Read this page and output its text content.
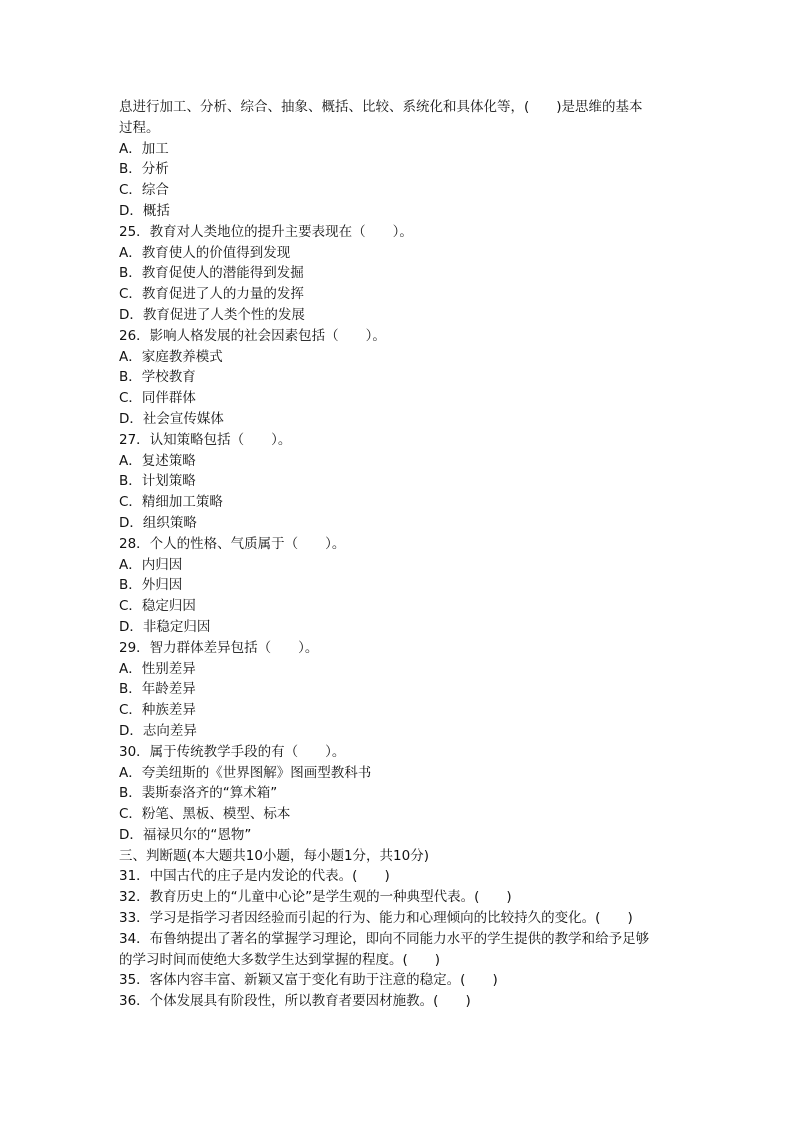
息进行加工、分析、综合、抽象、概括、比较、系统化和具体化等，(　　)是思维的基本
过程。
A．加工
B．分析
C．综合
D．概括
25．教育对人类地位的提升主要表现在（　　）。
A．教育使人的价值得到发现
B．教育促使人的潜能得到发掘
C．教育促进了人的力量的发挥
D．教育促进了人类个性的发展
26．影响人格发展的社会因素包括（　　）。
A．家庭教养模式
B．学校教育
C．同伴群体
D．社会宣传媒体
27．认知策略包括（　　）。
A．复述策略
B．计划策略
C．精细加工策略
D．组织策略
28．个人的性格、气质属于（　　）。
A．内归因
B．外归因
C．稳定归因
D．非稳定归因
29．智力群体差异包括（　　）。
A．性别差异
B．年龄差异
C．种族差异
D．志向差异
30．属于传统教学手段的有（　　）。
A．夸美纽斯的《世界图解》图画型教科书
B．裴斯泰洛齐的“算术箱”
C．粉笔、黑板、模型、标本
D．福禄贝尔的“恩物”
三、判断题(本大题共10小题，每小题1分，共10分)
31．中国古代的庄子是内发论的代表。(　　)
32．教育历史上的“儿童中心论”是学生观的一种典型代表。(　　)
33．学习是指学习者因经验而引起的行为、能力和心理倾向的比较持久的变化。(　　)
34．布鲁纳提出了著名的掌握学习理论，即向不同能力水平的学生提供的教学和给予足够
的学习时间而使绝大多数学生达到掌握的程度。(　　)
35．客体内容丰富、新颖又富于变化有助于注意的稳定。(　　)
36．个体发展具有阶段性，所以教育者要因材施教。(　　)
